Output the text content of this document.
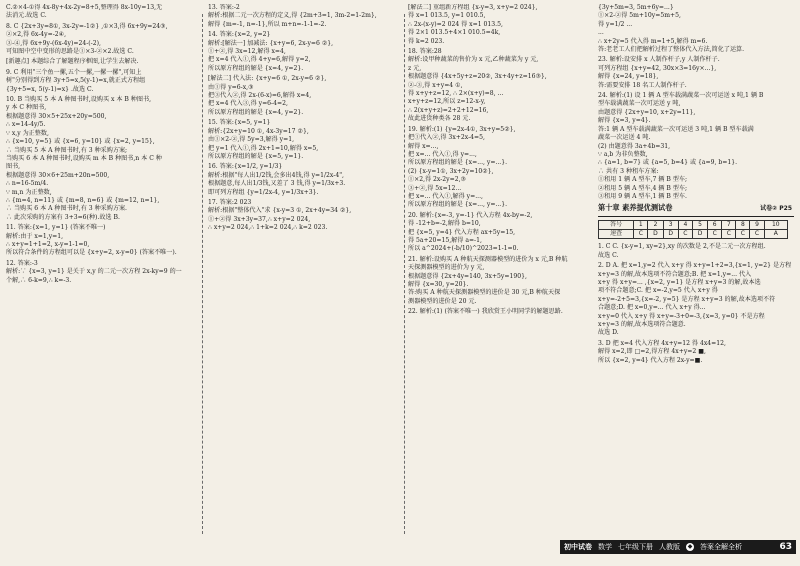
C.②×4-①得 4x-8y+4x-2y=8+5,整理得 8x-10y=13,无
法消元.故选 C.
8. C {2x+3y=8①, 3x-2y=-1②} ,①×3,得 6x+9y=24③,
②×2,得 6x-4y=-2④,
③-④,得 6x+9y-(6x-4y)=24-(-2),
可知图中空中变形的思路是①×3-②×2.故选 C.
[新趣点] 本题综合了解题程序框图,让学生去解决.
9. C 利用"三个鱼一摞,五个一摞,一摞一摞",可知上
树"分别得到方程 3y+5=x,5(y-1)=x,就正式方程组
{3y+5=x, 5(y-1)=x} .故选 C.
10. B 当购买 5 本 A 种图书时,设购买 x 本 B 种图书,
y 本 C 种图书,
根据题意得 30×5+25x+20y=500,
∴ x=14-4y/5.
∵ x,y 为正整数,
∴ {x=10, y=5} 或 {x=6, y=10} 或 {x=2, y=15},
∴ 当购买 5 本 A 种图书时,有 3 种采购方案;
当购买 6 本 A 种图书时,设购买 m 本 B 种图书,n 本 C 种
图书,
根据题意得 30×6+25m+20n=500,
∴ n=16-5m/4.
∵ m,n 为正整数,
∴ {m=4, n=11} 或 {m=8, n=6} 或 {m=12, n=1},
∴ 当购买 6 本 A 种图书时,有 3 种采购方案.
∴ 此次采购的方案有 3+3=6(种).故选 B.
11. 答案:{x=1, y=1} (答案不唯一)
解析:由于 x=1,y=1,
∴ x+y=1+1=2, x-y=1-1=0,
所以符合条件的方程组可以是 {x+y=2, x-y=0} (答案不唯一).
12. 答案:-3
解析:∵ {x=3, y=1} 是关于 x,y 的二元一次方程 2x-ky=9 的一
个解,∴ 6-k=9,∴ k=-3.
13. 答案:-2
解析:根据二元一次方程的定义,得 {2m+3=1, 3m-2=1-2m},
解得 {m=-1, n=-1},所以 m+n=-1-1=-2.
14. 答案:{x=2, y=2}
解析:[解法一] 加减法: {x+y=6, 2x-y=6 ②},
①+②,得 3x=12,解得 x=4,
把 x=4 代入①,得 4+y=6,解得 y=2,
所以原方程组的解是 {x=4, y=2}.
[解法二] 代入法: {x+y=6 ①, 2x-y=6 ②},
由①得 y=6-x,③
把③代入②,得 2x-(6-x)=6,解得 x=4,
把 x=4 代入③,得 y=6-4=2,
所以原方程组的解是 {x=4, y=2}.
15. 答案:{x=5, y=1}
解析:{2x+y=10 ①, 4x-3y=17 ②},
由①×2-②,得 5y=3,解得 y=1,
把 y=1 代入①,得 2x+1=10,解得 x=5,
所以原方程组的解是 {x=5, y=1}.
16. 答案:{x=1/2, y=1/3}
解析:根据"每人出1/2钱,会多出4钱,得 y=1/2x-4",
根据题意,每人出1/3钱,又差了 3 钱,得 y=1/3x+3.
即可列方程组 {y=1/2x-4, y=1/3x+3}.
17. 答案:2 023
解析:根据"整体代入"求 {x-y=3 ①, 2x+4y=34 ②},
①+②得 3x+3y=37,∴ x+y=2 024,
∴ x+y=2 024,∴ 1+k=2 024,∴ k=2 023.
[解法二] 重组新方程组 {x-y=3, x+y=2 024},
得 x=1 013.5, y=1 010.5,
∴ 2x-(x-y)=2 024 得 x=1 013.5,
得 2×1 013.5+4×1 010.5=4k,
得 k=2 023.
18. 答案:28
解析:设甲种蔬菜的售价为 x 元,乙种蔬菜为 y 元,
z 元,
根据题意得 {4x+5y+z=20②, 3x+4y+z=16③},
②-③,得 x+y=4 ①,
得 x+y+z=12, ∴ 2×(x+y)=8, ...
x+y+z=12,所以 z=12-x-y,
∴ 2(x+y+z)=2+2+12=16,
故此进货种类各 28 元.
19. 解析:(1) {y=2x-4①, 3x+y=5②},
把①代入②,得 3x+2x-4=5,
解得 x=...,
把 x=... 代入①,得 y=...,
所以原方程组的解是 {x=..., y=...}.
(2) {x-y=1①, 3x+2y=10②},
①×2,得 2x-2y=2,③
③+②,得 5x=12...
把 x=... 代入①,解得 y=...,
所以原方程组的解是 {x=..., y=...}.
20. 解析:{x=-3, y=-1} 代入方程 4x-by=-2,
得 -12+b=-2,解得 b=10,
把 {x=5, y=4} 代入方程 ax+5y=15,
得 5a+20=15,解得 a=-1,
所以 a^2024+(-b/10)^2023=1-1=0.
21. 解析:设购买 A 种航天探测器模型的进价为 x 元,B 种航
天探测器模型的进价为 y 元,
根据题意得 {2x+4y=140, 3x+5y=190},
解得 {x=30, y=20}.
答:购买 A 种航天探测器模型的进价是 30 元,B 种航天探
测器模型的进价是 20 元.
22. 解析:(1) (答案不唯一) 我欣赏王小明同学的解题思路.
{3y+5m=3, 5m+6y=...}
①×2-②得 5m+10y=5m+5,
得 y=1/2 ...
...
∴ x+2y=5 代入得 m=1+5,解得 m=6.
答:老老工人们把解析过程了整体代入方法,简化了运算.
23. 解析:设安排 x 人制作杆子,y 人制作杆子.
可列方程组 {x+y=42, 30x×3=16y×...},
解得 {x=24, y=18},
答:需要安排 18 名工人制作杆子.
24. 解析:(1) 设 1 辆 A 型车载满蔬菜一次可运送 x 吨,1 辆 B
型车载满蔬菜一次可运送 y 吨,
由题意得 {2x+y=10, x+2y=11},
解得 {x=3, y=4}.
答:1 辆 A 型车载满蔬菜一次可运送 3 吨,1 辆 B 型车载满
蔬菜一次运送 4 吨.
(2) 由题意得 3a+4b=31,
∵ a,b 为非负整数,
∴ {a=1, b=7} 或 {a=5, b=4} 或 {a=9, b=1}.
∴ 共有 3 种租车方案:
①租用 1 辆 A 型车,7 辆 B 型车;
②租用 5 辆 A 型车,4 辆 B 型车;
③租用 9 辆 A 型车,1 辆 B 型车.
第十章 素养提优测试卷	试卷② P25
答号	1	2	3	4	5	6	7	8	9	10
速查	C	D	D	C	D	C	C	C	C	A
1. C C. {x-y=1, xy=2},xy 的次数是 2,不是二元一次方程组.
故选 C.
2. D A. 把 x=1,y=2 代入 x+y 得 x+y=1+2=3,{x=1, y=2} 是方程
x+y=3 的解,故本选项不符合题意;B. 把 x=1,y=... 代入
x+y 得 x+y=... ,{x=2, y=1} 是方程 x+y=3 的解,故本选
项不符合题意;C. 把 x=-2,y=5 代入 x+y 得
x+y=-2+5=3,{x=-2, y=5} 是方程 x+y=3 的解,故本选项不符
合题意;D. 把 x=0,y=... 代入 x+y 得...
x+y=0 代入 x+y 得 x+y=-3+0=-3,{x=3, y=0} 不是方程
x+y=3 的解,故本选项符合题意.
故选 D.
3. D 把 x=4 代入方程 4x+y=12 得 4x4=12,
解得 x=2,即 □=2,得方程 4x+y=2 ■,
所以 {x=2, y=4} 代入方程 2x-y=■.
初中试卷 数学 七年级下册 人教版 ◆ 答案全解全析	63
